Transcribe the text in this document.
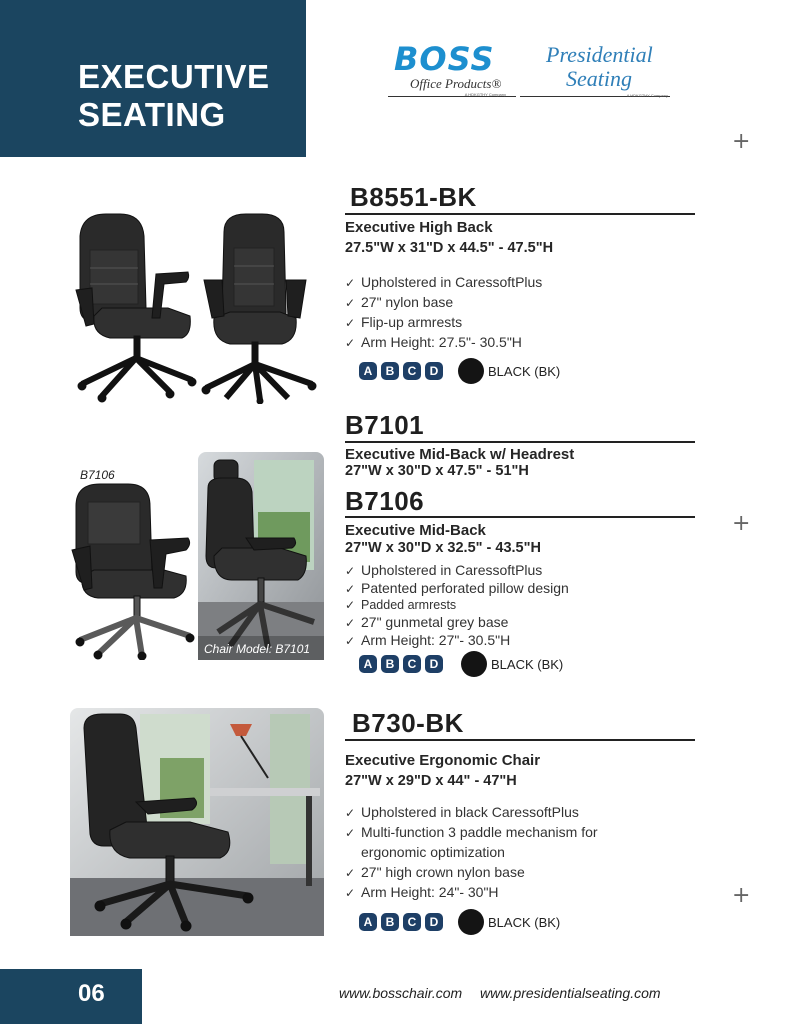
EXECUTIVE
SEATING
BOSS
Office Products®
A HDKGTHY Company
Presidential
Seating
A HDKGTHY Company
+
+
+
B8551-BK
Executive High Back
27.5"W x 31"D x 44.5" - 47.5"H
✓ Upholstered in CaressoftPlus
✓ 27" nylon base
✓ Flip-up armrests
✓ Arm Height: 27.5"- 30.5"H
A	B	C	D	BLACK (BK)
B7106
Chair Model: B7101
B7101
Executive Mid-Back w/ Headrest
27"W x 30"D x 47.5" - 51"H
B7106
Executive Mid-Back
27"W x 30"D x 32.5" - 43.5"H
✓ Upholstered in CaressoftPlus
✓ Patented perforated pillow design
✓ Padded armrests
✓ 27" gunmetal grey base
✓ Arm Height: 27"- 30.5"H
A	B	C	D	BLACK (BK)
B730-BK
Executive Ergonomic Chair
27"W x 29"D x 44" - 47"H
✓ Upholstered in black CaressoftPlus
✓ Multi-function 3 paddle mechanism for
ergonomic optimization
✓ 27" high crown nylon base
✓ Arm Height: 24"- 30"H
A	B	C	D	BLACK (BK)
06	www.bosschair.com www.presidentialseating.com
